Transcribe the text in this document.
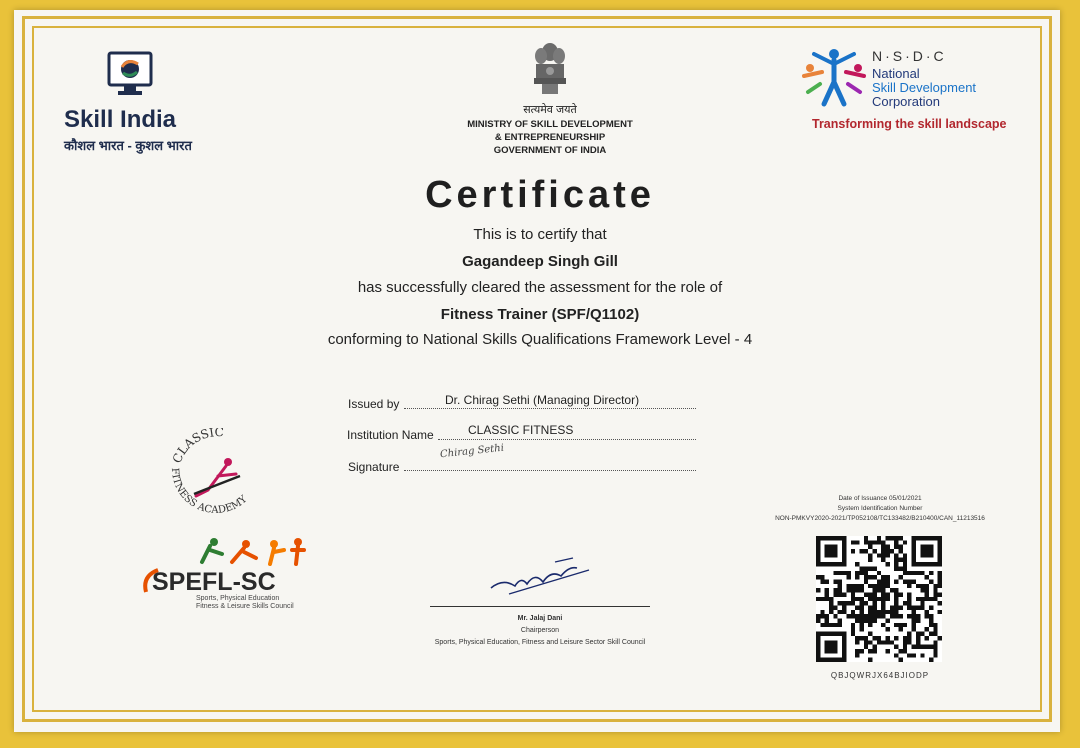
Skill India
कौशल भारत - कुशल भारत
सत्यमेव जयते
MINISTRY OF SKILL DEVELOPMENT
& ENTREPRENEURSHIP
GOVERNMENT OF INDIA
N·S·D·C
National
Skill Development
Corporation
Transforming the skill landscape
Certificate
This is to certify that
Gagandeep Singh Gill
has successfully cleared the assessment for the role of
Fitness Trainer (SPF/Q1102)
conforming to National Skills Qualifications Framework Level - 4
Issued by	Dr. Chirag Sethi (Managing Director)
Institution Name	CLASSIC FITNESS
Signature
Chirag Sethi
CLASSIC
FITNESS ACADEMY
SPEFL-SC
Sports, Physical Education
Fitness & Leisure Skills Council
Mr. Jalaj Dani
Chairperson
Sports, Physical Education, Fitness and Leisure Sector Skill Council
Date of Issuance 05/01/2021
System Identification Number
NON-PMKVY2020-2021/TP052108/TC133482/B210400/CAN_11213516
QBJQWRJX64BJIODP
